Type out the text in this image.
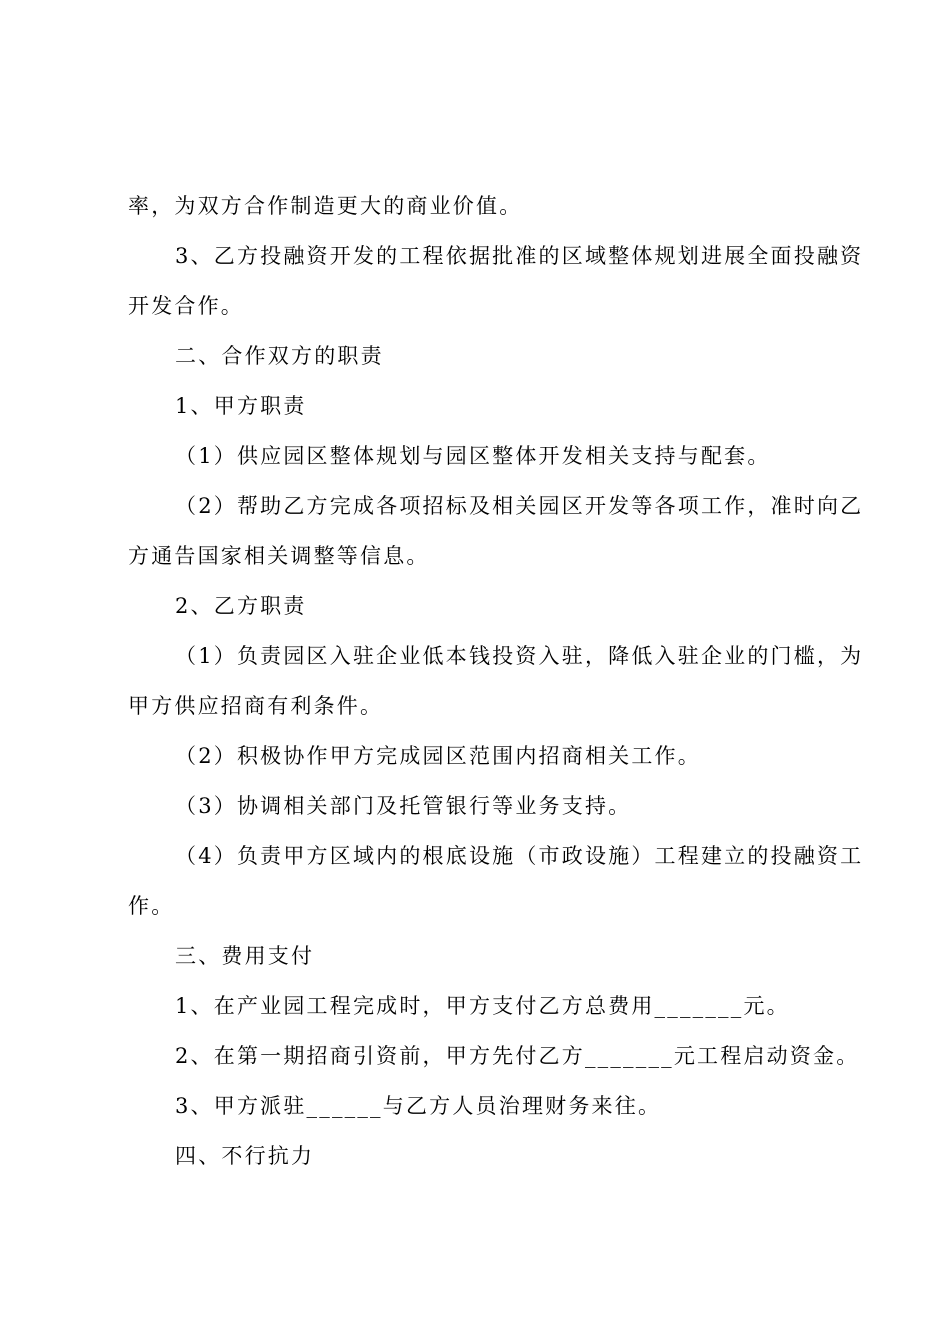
率，为双方合作制造更大的商业价值。
3、乙方投融资开发的工程依据批准的区域整体规划进展全面投融资
开发合作。
二、合作双方的职责
1、甲方职责
（1）供应园区整体规划与园区整体开发相关支持与配套。
（2）帮助乙方完成各项招标及相关园区开发等各项工作，准时向乙
方通告国家相关调整等信息。
2、乙方职责
（1）负责园区入驻企业低本钱投资入驻，降低入驻企业的门槛，为
甲方供应招商有利条件。
（2）积极协作甲方完成园区范围内招商相关工作。
（3）协调相关部门及托管银行等业务支持。
（4）负责甲方区域内的根底设施（市政设施）工程建立的投融资工
作。
三、费用支付
1、在产业园工程完成时，甲方支付乙方总费用_______元。
2、在第一期招商引资前，甲方先付乙方_______元工程启动资金。
3、甲方派驻______与乙方人员治理财务来往。
四、不行抗力
